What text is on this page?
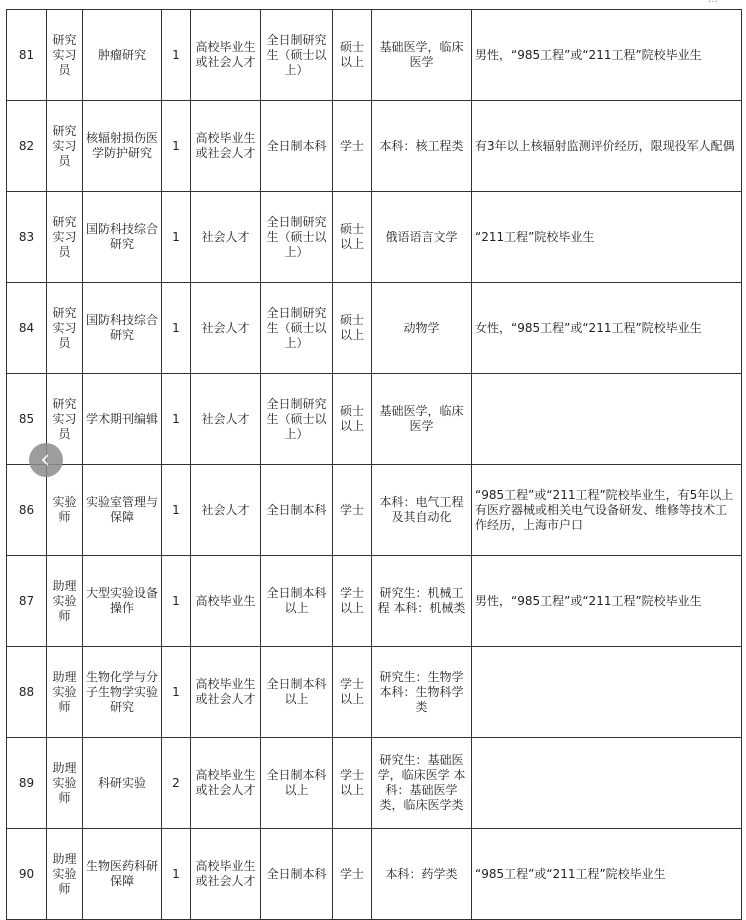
81	研究实习员	肿瘤研究	1	高校毕业生或社会人才	全日制研究生（硕士以上）	硕士以上	基础医学，临床医学	男性，“985工程”或“211工程”院校毕业生
82	研究实习员	核辐射损伤医学防护研究	1	高校毕业生或社会人才	全日制本科	学士	本科：核工程类	有3年以上核辐射监测评价经历，限现役军人配偶
83	研究实习员	国防科技综合研究	1	社会人才	全日制研究生（硕士以上）	硕士以上	俄语语言文学	“211工程”院校毕业生
84	研究实习员	国防科技综合研究	1	社会人才	全日制研究生（硕士以上）	硕士以上	动物学	女性，“985工程”或“211工程”院校毕业生
85	研究实习员	学术期刊编辑	1	社会人才	全日制研究生（硕士以上）	硕士以上	基础医学，临床医学	
86	实验师	实验室管理与保障	1	社会人才	全日制本科	学士	本科：电气工程及其自动化	“985工程”或“211工程”院校毕业生，有5年以上有医疗器械或相关电气设备研发、维修等技术工作经历，上海市户口
87	助理实验师	大型实验设备操作	1	高校毕业生	全日制本科以上	学士以上	研究生：机械工程 本科：机械类	男性，“985工程”或“211工程”院校毕业生
88	助理实验师	生物化学与分子生物学实验研究	1	高校毕业生或社会人才	全日制本科以上	学士以上	研究生：生物学 本科：生物科学类	
89	助理实验师	科研实验	2	高校毕业生或社会人才	全日制本科以上	学士以上	研究生：基础医学，临床医学 本科：基础医学类，临床医学类	
90	助理实验师	生物医药科研保障	1	高校毕业生或社会人才	全日制本科	学士	本科：药学类	“985工程”或“211工程”院校毕业生
